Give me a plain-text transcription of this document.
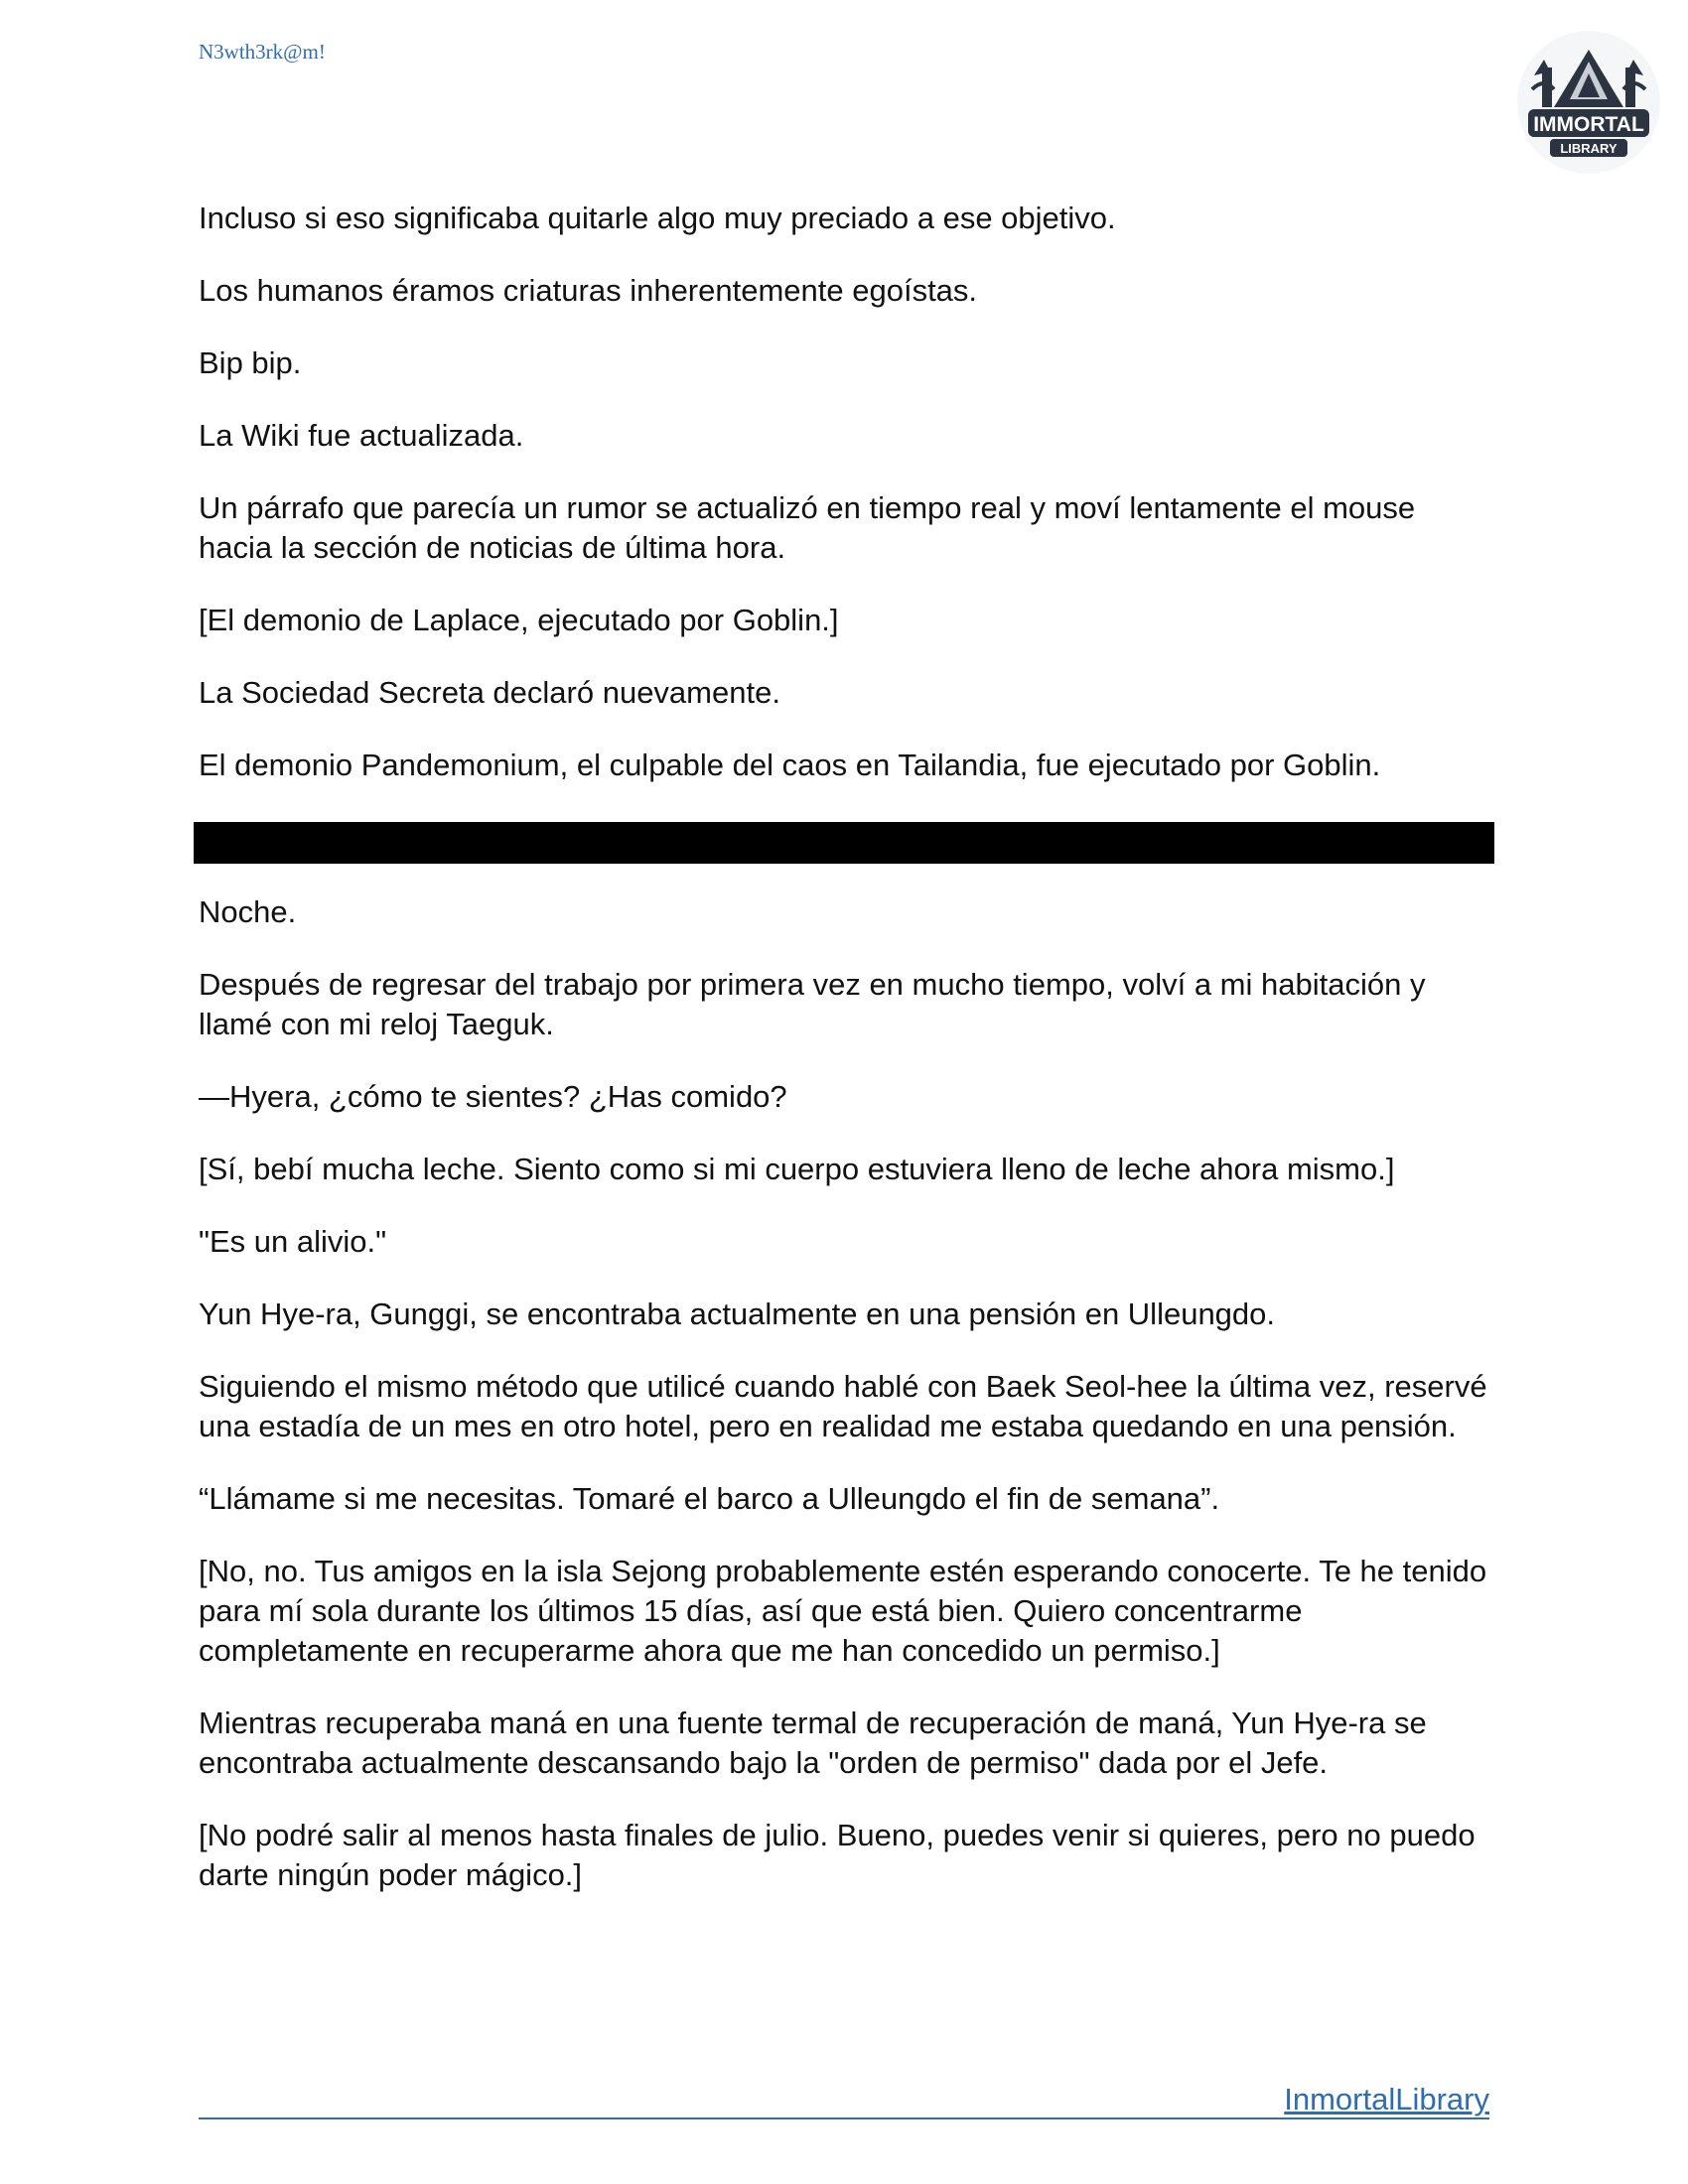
N3wth3rk@m!
IMMORTAL
LIBRARY

Incluso si eso significaba quitarle algo muy preciado a ese objetivo.

Los humanos éramos criaturas inherentemente egoístas.

Bip bip.

La Wiki fue actualizada.

Un párrafo que parecía un rumor se actualizó en tiempo real y moví lentamente el mouse hacia la sección de noticias de última hora.

[El demonio de Laplace, ejecutado por Goblin.]

La Sociedad Secreta declaró nuevamente.

El demonio Pandemonium, el culpable del caos en Tailandia, fue ejecutado por Goblin.

Noche.

Después de regresar del trabajo por primera vez en mucho tiempo, volví a mi habitación y llamé con mi reloj Taeguk.

—Hyera, ¿cómo te sientes? ¿Has comido?

[Sí, bebí mucha leche. Siento como si mi cuerpo estuviera lleno de leche ahora mismo.]

"Es un alivio."

Yun Hye-ra, Gunggi, se encontraba actualmente en una pensión en Ulleungdo.

Siguiendo el mismo método que utilicé cuando hablé con Baek Seol-hee la última vez, reservé una estadía de un mes en otro hotel, pero en realidad me estaba quedando en una pensión.

“Llámame si me necesitas. Tomaré el barco a Ulleungdo el fin de semana”.

[No, no. Tus amigos en la isla Sejong probablemente estén esperando conocerte. Te he tenido para mí sola durante los últimos 15 días, así que está bien. Quiero concentrarme completamente en recuperarme ahora que me han concedido un permiso.]

Mientras recuperaba maná en una fuente termal de recuperación de maná, Yun Hye-ra se encontraba actualmente descansando bajo la "orden de permiso" dada por el Jefe.

[No podré salir al menos hasta finales de julio. Bueno, puedes venir si quieres, pero no puedo darte ningún poder mágico.]

InmortalLibrary
